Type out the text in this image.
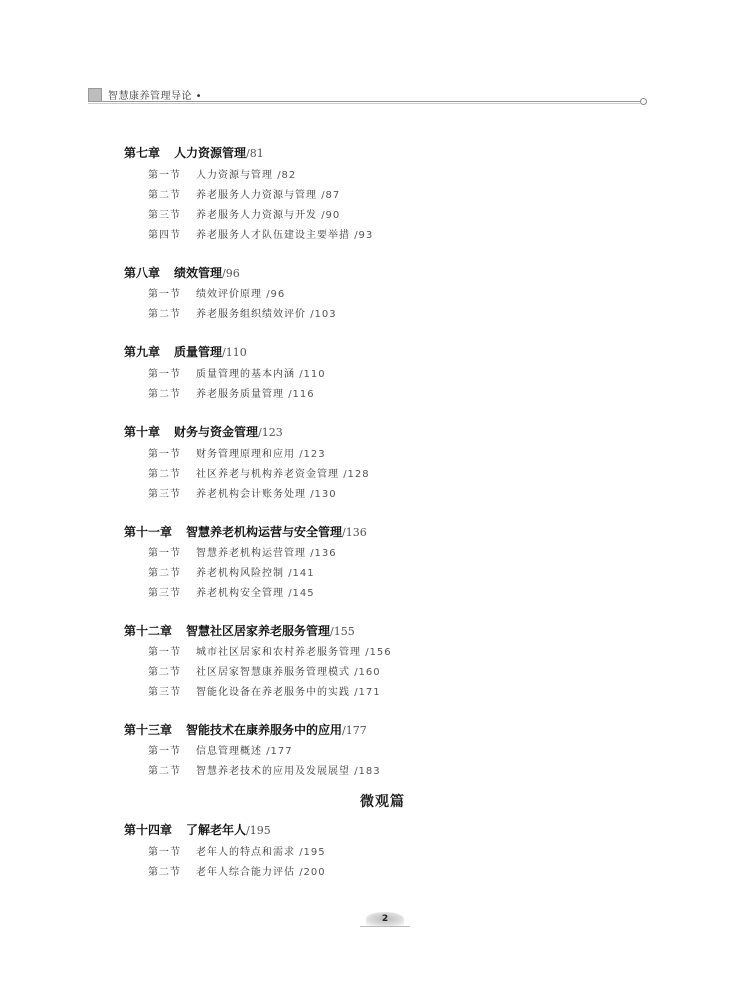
智慧康养管理导论 •
第七章 人力资源管理/81
第一节 人力资源与管理 /82
第二节 养老服务人力资源与管理 /87
第三节 养老服务人力资源与开发 /90
第四节 养老服务人才队伍建设主要举措 /93
第八章 绩效管理/96
第一节 绩效评价原理 /96
第二节 养老服务组织绩效评价 /103
第九章 质量管理/110
第一节 质量管理的基本内涵 /110
第二节 养老服务质量管理 /116
第十章 财务与资金管理/123
第一节 财务管理原理和应用 /123
第二节 社区养老与机构养老资金管理 /128
第三节 养老机构会计账务处理 /130
第十一章 智慧养老机构运营与安全管理/136
第一节 智慧养老机构运营管理 /136
第二节 养老机构风险控制 /141
第三节 养老机构安全管理 /145
第十二章 智慧社区居家养老服务管理/155
第一节 城市社区居家和农村养老服务管理 /156
第二节 社区居家智慧康养服务管理模式 /160
第三节 智能化设备在养老服务中的实践 /171
第十三章 智能技术在康养服务中的应用/177
第一节 信息管理概述 /177
第二节 智慧养老技术的应用及发展展望 /183
微观篇
第十四章 了解老年人/195
第一节 老年人的特点和需求 /195
第二节 老年人综合能力评估 /200
2
